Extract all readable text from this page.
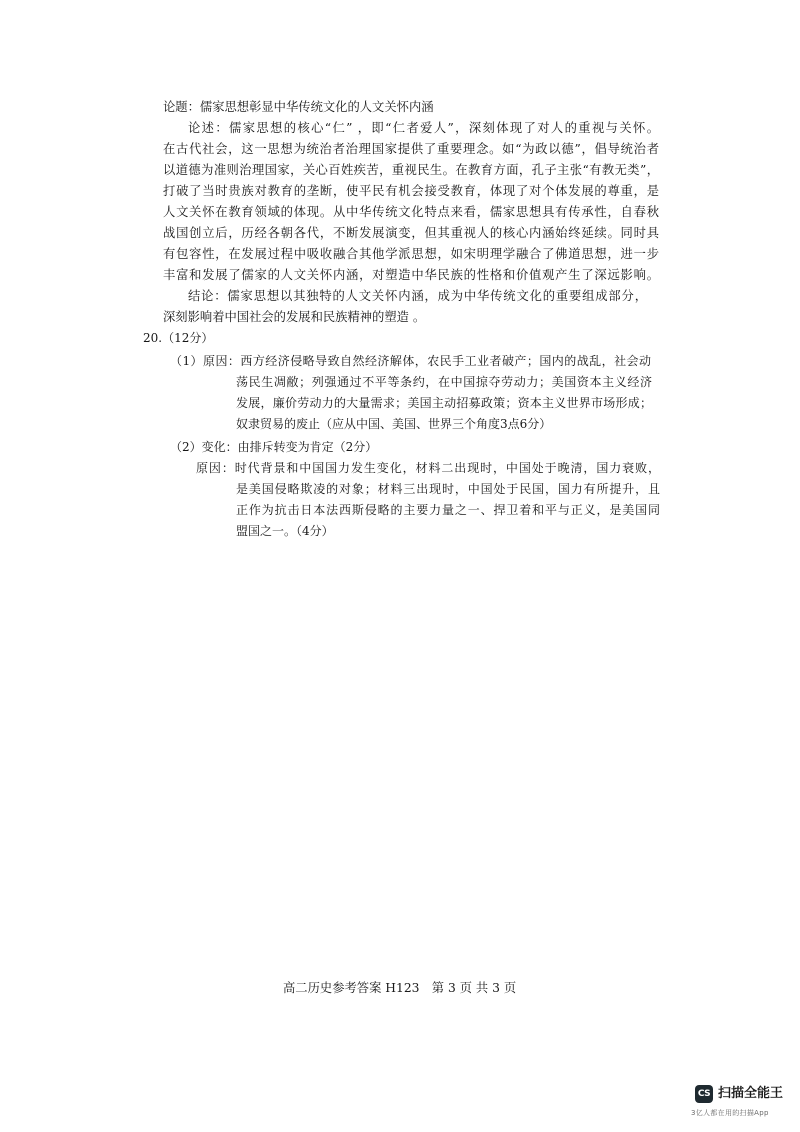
论题：儒家思想彰显中华传统文化的人文关怀内涵
论述：儒家思想的核心“仁” ，即“仁者爱人”，深刻体现了对人的重视与关怀。
在古代社会，这一思想为统治者治理国家提供了重要理念。如“为政以德”，倡导统治者
以道德为准则治理国家，关心百姓疾苦，重视民生。在教育方面，孔子主张“有教无类”，
打破了当时贵族对教育的垄断，使平民有机会接受教育，体现了对个体发展的尊重，是
人文关怀在教育领域的体现。从中华传统文化特点来看，儒家思想具有传承性，自春秋
战国创立后，历经各朝各代，不断发展演变，但其重视人的核心内涵始终延续。同时具
有包容性，在发展过程中吸收融合其他学派思想，如宋明理学融合了佛道思想，进一步
丰富和发展了儒家的人文关怀内涵，对塑造中华民族的性格和价值观产生了深远影响。
结论：儒家思想以其独特的人文关怀内涵，成为中华传统文化的重要组成部分，
深刻影响着中国社会的发展和民族精神的塑造 。
20.（12分）
（1）原因：西方经济侵略导致自然经济解体，农民手工业者破产；国内的战乱，社会动
荡民生凋敝；列强通过不平等条约，在中国掠夺劳动力；美国资本主义经济
发展，廉价劳动力的大量需求；美国主动招募政策；资本主义世界市场形成；
奴隶贸易的废止（应从中国、美国、世界三个角度3点6分）
（2）变化：由排斥转变为肯定（2分）
原因：时代背景和中国国力发生变化，材料二出现时，中国处于晚清，国力衰败，
是美国侵略欺凌的对象；材料三出现时，中国处于民国，国力有所提升，且
正作为抗击日本法西斯侵略的主要力量之一、捍卫着和平与正义，是美国同
盟国之一。（4分）
高二历史参考答案 H123　第 3 页 共 3 页
CS 扫描全能王
3亿人都在用的扫描App
